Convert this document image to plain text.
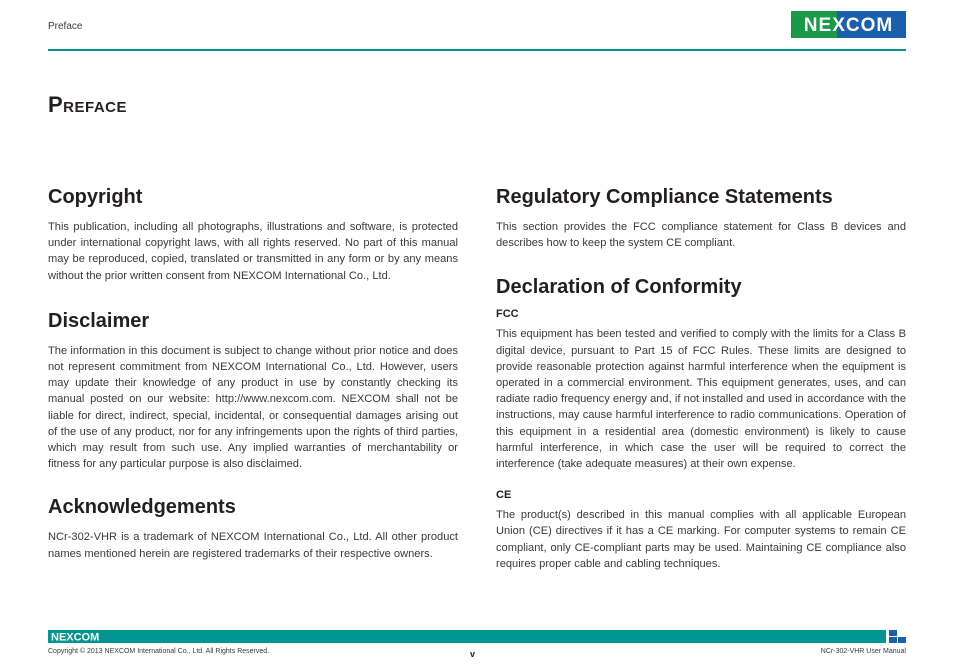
Preface	NEXCOM
Preface
Copyright

This publication, including all photographs, illustrations and software, is protected under international copyright laws, with all rights reserved. No part of this manual may be reproduced, copied, translated or transmitted in any form or by any means without the prior written consent from NEXCOM International Co., Ltd.

Disclaimer

The information in this document is subject to change without prior notice and does not represent commitment from NEXCOM International Co., Ltd. However, users may update their knowledge of any product in use by constantly checking its manual posted on our website: http://www.nexcom.com. NEXCOM shall not be liable for direct, indirect, special, incidental, or consequential damages arising out of the use of any product, nor for any infringements upon the rights of third parties, which may result from such use. Any implied warranties of merchantability or fitness for any particular purpose is also disclaimed.

Acknowledgements

NCr-302-VHR is a trademark of NEXCOM International Co., Ltd. All other product names mentioned herein are registered trademarks of their respective owners.

Regulatory Compliance Statements

This section provides the FCC compliance statement for Class B devices and describes how to keep the system CE compliant.

Declaration of Conformity
FCC

This equipment has been tested and verified to comply with the limits for a Class B digital device, pursuant to Part 15 of FCC Rules. These limits are designed to provide reasonable protection against harmful interference when the equipment is operated in a commercial environment. This equipment generates, uses, and can radiate radio frequency energy and, if not installed and used in accordance with the instructions, may cause harmful interference to radio communications. Operation of this equipment in a residential area (domestic environment) is likely to cause harmful interference, in which case the user will be required to correct the interference (take adequate measures) at their own expense.

CE

The product(s) described in this manual complies with all applicable European Union (CE) directives if it has a CE marking. For computer systems to remain CE compliant, only CE-compliant parts may be used. Maintaining CE compliance also requires proper cable and cabling techniques.

NEXCOM
Copyright © 2013 NEXCOM International Co., Ltd. All Rights Reserved.	v	NCr-302-VHR User Manual
